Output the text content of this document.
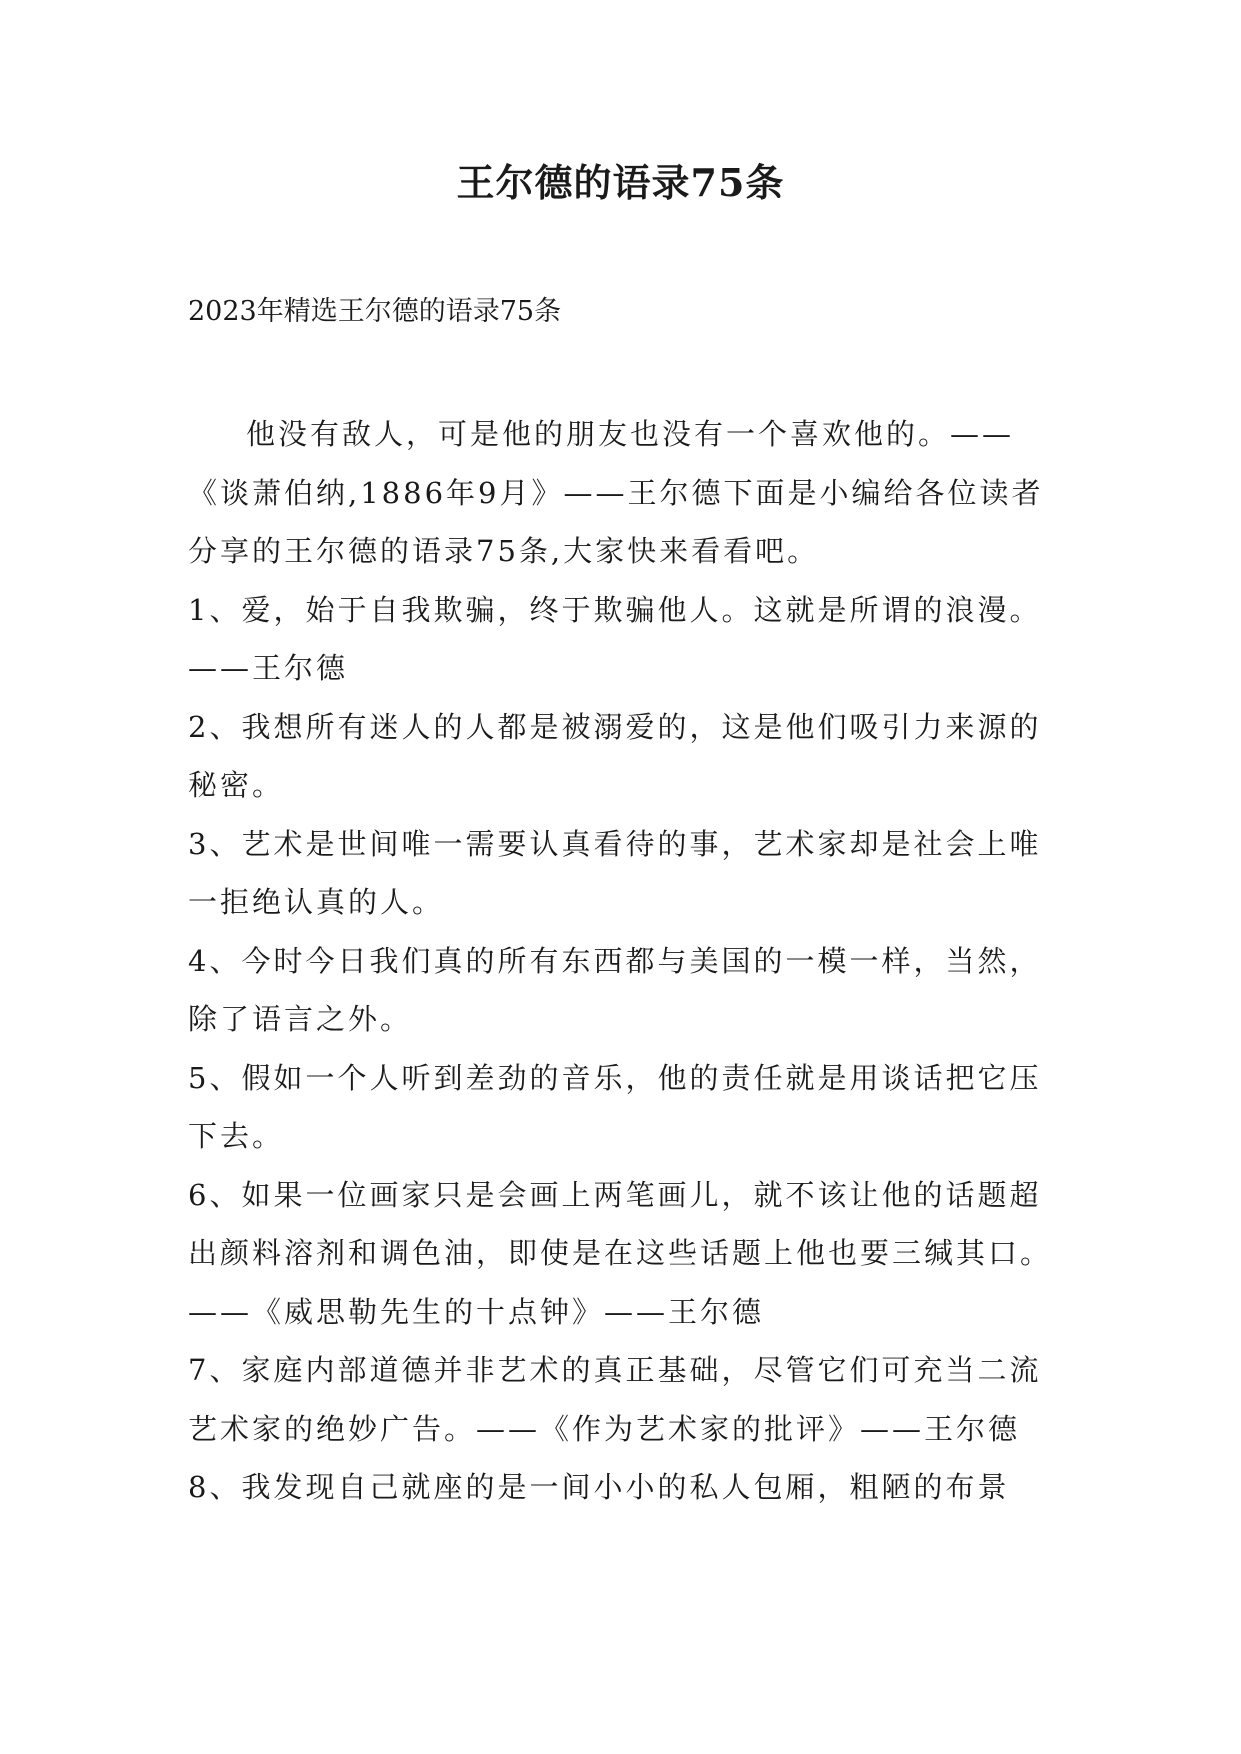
王尔德的语录75条

2023年精选王尔德的语录75条

他没有敌人，可是他的朋友也没有一个喜欢他的。——《谈萧伯纳,1886年9月》——王尔德下面是小编给各位读者分享的王尔德的语录75条,大家快来看看吧。

1、爱，始于自我欺骗，终于欺骗他人。这就是所谓的浪漫。——王尔德

2、我想所有迷人的人都是被溺爱的，这是他们吸引力来源的秘密。

3、艺术是世间唯一需要认真看待的事，艺术家却是社会上唯一拒绝认真的人。

4、今时今日我们真的所有东西都与美国的一模一样，当然，除了语言之外。

5、假如一个人听到差劲的音乐，他的责任就是用谈话把它压下去。

6、如果一位画家只是会画上两笔画儿，就不该让他的话题超出颜料溶剂和调色油，即使是在这些话题上他也要三缄其口。——《威思勒先生的十点钟》——王尔德

7、家庭内部道德并非艺术的真正基础，尽管它们可充当二流艺术家的绝妙广告。——《作为艺术家的批评》——王尔德

8、我发现自己就座的是一间小小的私人包厢，粗陋的布景
